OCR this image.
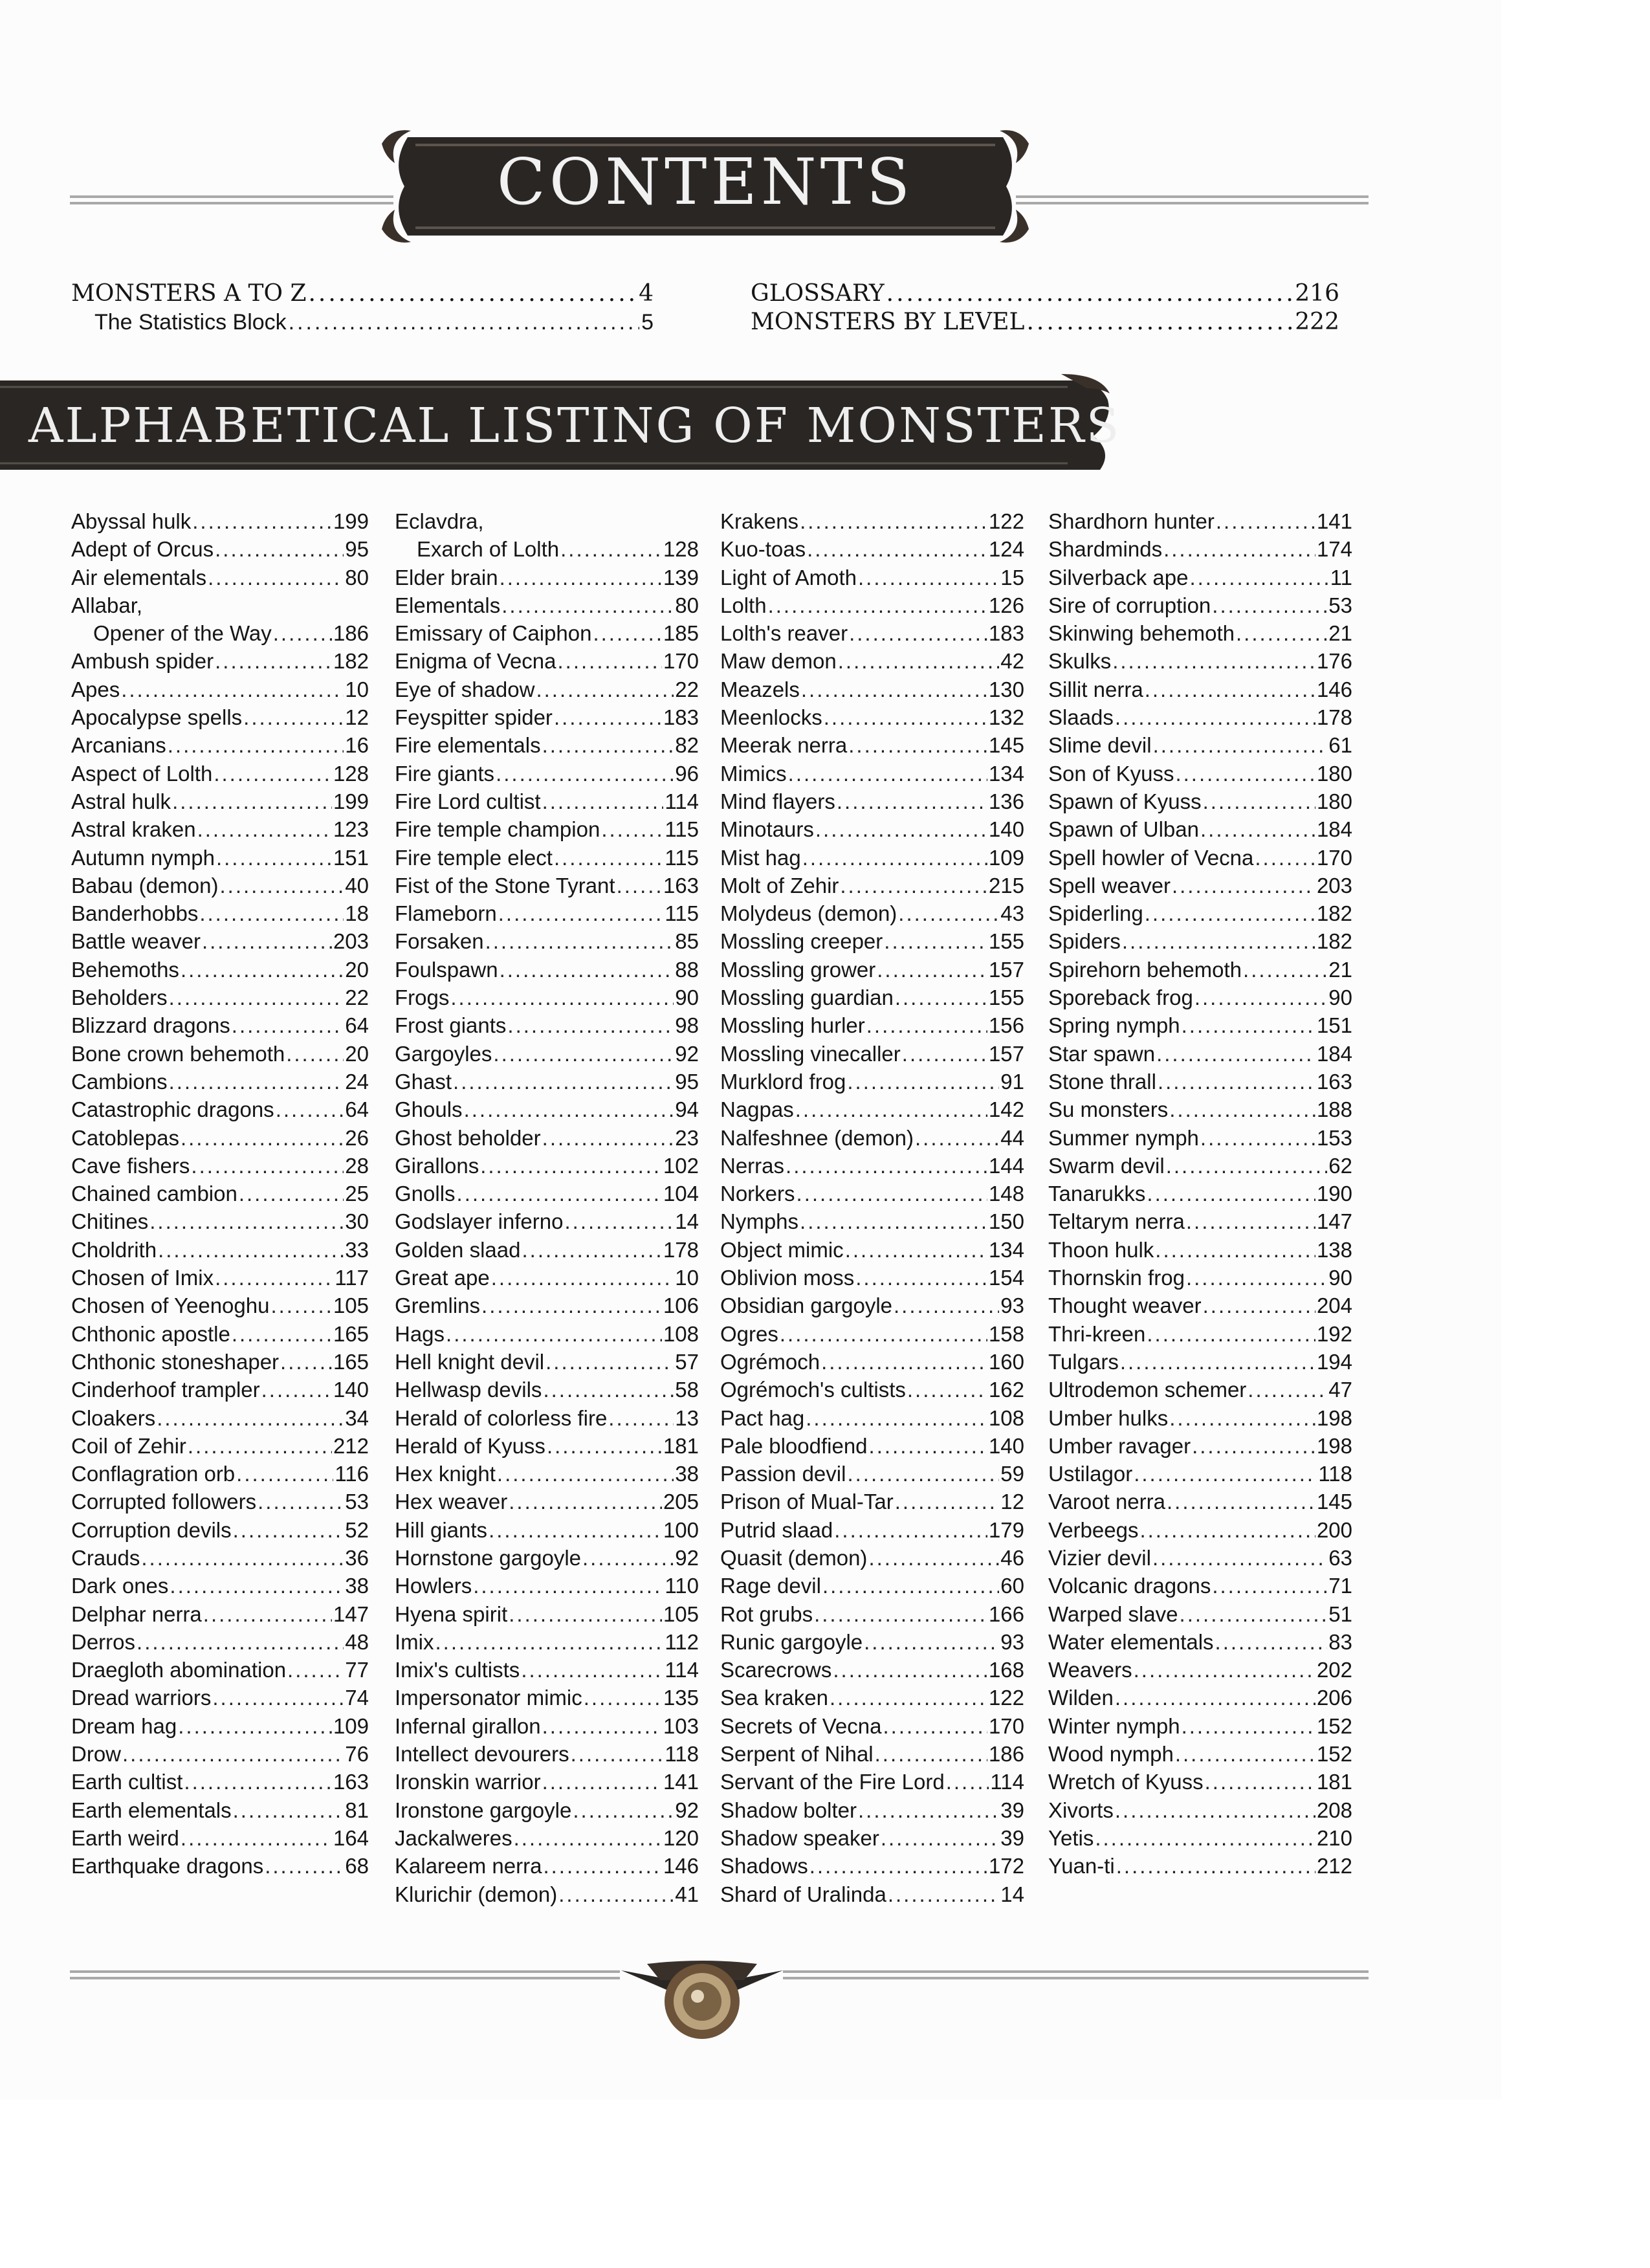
CONTENTS
MONSTERS A TO Z .....	4
The Statistics Block .....	5
GLOSSARY .....	216
MONSTERS BY LEVEL .....	222
ALPHABETICAL LISTING OF MONSTERS
Abyssal hulk .....	199
Adept of Orcus .....	95
Air elementals .....	80
Allabar,
Opener of the Way .....	186
Ambush spider .....	182
Apes .....	10
Apocalypse spells .....	12
Arcanians .....	16
Aspect of Lolth .....	128
Astral hulk .....	199
Astral kraken .....	123
Autumn nymph .....	151
Babau (demon) .....	40
Banderhobbs .....	18
Battle weaver .....	203
Behemoths .....	20
Beholders .....	22
Blizzard dragons .....	64
Bone crown behemoth .....	20
Cambions .....	24
Catastrophic dragons .....	64
Catoblepas .....	26
Cave fishers .....	28
Chained cambion .....	25
Chitines .....	30
Choldrith .....	33
Chosen of Imix .....	117
Chosen of Yeenoghu .....	105
Chthonic apostle .....	165
Chthonic stoneshaper .....	165
Cinderhoof trampler .....	140
Cloakers .....	34
Coil of Zehir .....	212
Conflagration orb .....	116
Corrupted followers .....	53
Corruption devils .....	52
Crauds .....	36
Dark ones .....	38
Delphar nerra .....	147
Derros .....	48
Draegloth abomination .....	77
Dread warriors .....	74
Dream hag .....	109
Drow .....	76
Earth cultist .....	163
Earth elementals .....	81
Earth weird .....	164
Earthquake dragons .....	68
Eclavdra,
Exarch of Lolth .....	128
Elder brain .....	139
Elementals .....	80
Emissary of Caiphon .....	185
Enigma of Vecna .....	170
Eye of shadow .....	22
Feyspitter spider .....	183
Fire elementals .....	82
Fire giants .....	96
Fire Lord cultist .....	114
Fire temple champion .....	115
Fire temple elect .....	115
Fist of the Stone Tyrant ..... 163
Flameborn .....	115
Forsaken .....	85
Foulspawn .....	88
Frogs .....	90
Frost giants .....	98
Gargoyles .....	92
Ghast .....	95
Ghouls .....	94
Ghost beholder .....	23
Girallons .....	102
Gnolls .....	104
Godslayer inferno .....	14
Golden slaad .....	178
Great ape .....	10
Gremlins .....	106
Hags .....	108
Hell knight devil .....	57
Hellwasp devils .....	58
Herald of colorless fire .....	13
Herald of Kyuss .....	181
Hex knight .....	38
Hex weaver .....	205
Hill giants .....	100
Hornstone gargoyle .....	92
Howlers .....	110
Hyena spirit .....	105
Imix .....	112
Imix's cultists .....	114
Impersonator mimic .....	135
Infernal girallon .....	103
Intellect devourers .....	118
Ironskin warrior .....	141
Ironstone gargoyle .....	92
Jackalweres .....	120
Kalareem nerra .....	146
Klurichir (demon) .....	41
Krakens .....	122
Kuo-toas .....	124
Light of Amoth .....	15
Lolth .....	126
Lolth's reaver .....	183
Maw demon .....	42
Meazels .....	130
Meenlocks .....	132
Meerak nerra .....	145
Mimics .....	134
Mind flayers .....	136
Minotaurs .....	140
Mist hag .....	109
Molt of Zehir .....	215
Molydeus (demon) .....	43
Mossling creeper .....	155
Mossling grower .....	157
Mossling guardian .....	155
Mossling hurler .....	156
Mossling vinecaller .....	157
Murklord frog .....	91
Nagpas .....	142
Nalfeshnee (demon) .....	44
Nerras .....	144
Norkers .....	148
Nymphs .....	150
Object mimic .....	134
Oblivion moss .....	154
Obsidian gargoyle .....	93
Ogres .....	158
Ogrémoch .....	160
Ogrémoch's cultists .....	162
Pact hag .....	108
Pale bloodfiend .....	140
Passion devil .....	59
Prison of Mual-Tar .....	12
Putrid slaad .....	179
Quasit (demon) .....	46
Rage devil .....	60
Rot grubs .....	166
Runic gargoyle .....	93
Scarecrows .....	168
Sea kraken .....	122
Secrets of Vecna .....	170
Serpent of Nihal .....	186
Servant of the Fire Lord ..... 114
Shadow bolter .....	39
Shadow speaker .....	39
Shadows .....	172
Shard of Uralinda .....	14
Shardhorn hunter .....	141
Shardminds .....	174
Silverback ape .....	11
Sire of corruption .....	53
Skinwing behemoth .....	21
Skulks .....	176
Sillit nerra .....	146
Slaads .....	178
Slime devil .....	61
Son of Kyuss .....	180
Spawn of Kyuss .....	180
Spawn of Ulban .....	184
Spell howler of Vecna .....	170
Spell weaver .....	203
Spiderling .....	182
Spiders .....	182
Spirehorn behemoth .....	21
Sporeback frog .....	90
Spring nymph .....	151
Star spawn .....	184
Stone thrall .....	163
Su monsters .....	188
Summer nymph .....	153
Swarm devil .....	62
Tanarukks .....	190
Teltarym nerra .....	147
Thoon hulk .....	138
Thornskin frog .....	90
Thought weaver .....	204
Thri-kreen .....	192
Tulgars .....	194
Ultrodemon schemer .....	47
Umber hulks .....	198
Umber ravager .....	198
Ustilagor .....	118
Varoot nerra .....	145
Verbeegs .....	200
Vizier devil .....	63
Volcanic dragons .....	71
Warped slave .....	51
Water elementals .....	83
Weavers .....	202
Wilden .....	206
Winter nymph .....	152
Wood nymph .....	152
Wretch of Kyuss .....	181
Xivorts .....	208
Yetis .....	210
Yuan-ti .....	212
